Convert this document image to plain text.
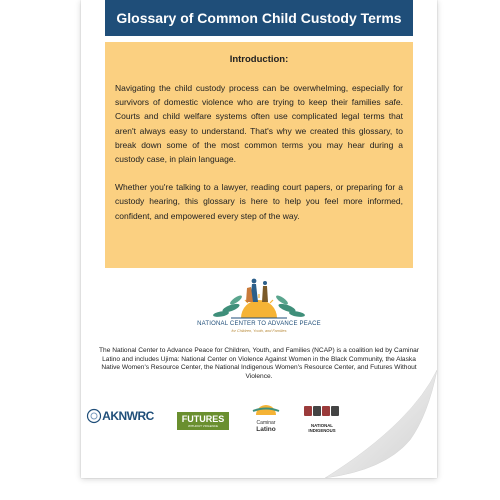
Glossary of Common Child Custody Terms
Introduction:

Navigating the child custody process can be overwhelming, especially for survivors of domestic violence who are trying to keep their families safe. Courts and child welfare systems often use complicated legal terms that aren't always easy to understand. That's why we created this glossary, to break down some of the most common terms you may hear during a custody case, in plain language.

Whether you're talking to a lawyer, reading court papers, or preparing for a custody hearing, this glossary is here to help you feel more informed, confident, and empowered every step of the way.

NATIONAL CENTER TO ADVANCE PEACE
for Children, Youth, and Families
The National Center to Advance Peace for Children, Youth, and Families (NCAP) is a coalition led by Caminar Latino and includes Ujima: National Center on Violence Against Women in the Black Community, the Alaska Native Women's Resource Center, the National Indigenous Women's Resource Center, and Futures Without Violence.
AKNWRC	FUTURES
WITHOUT VIOLENCE	Caminar
Latino	NATIONAL
INDIGENOUS
